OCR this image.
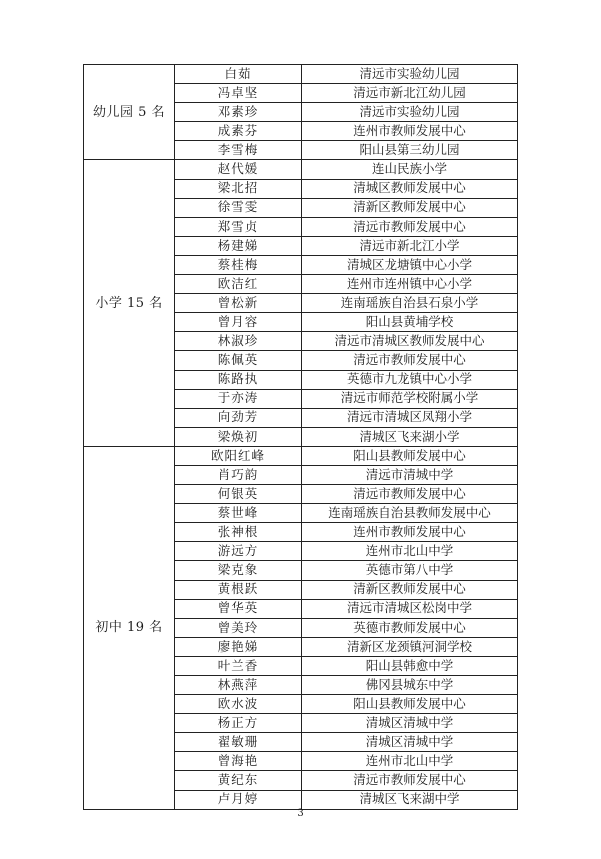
幼儿园 5 名	白茹	清远市实验幼儿园
	冯卓坚	清远市新北江幼儿园
	邓素珍	清远市实验幼儿园
	成素芬	连州市教师发展中心
	李雪梅	阳山县第三幼儿园
小学 15 名	赵代媛	连山民族小学
	梁北招	清城区教师发展中心
	徐雪雯	清新区教师发展中心
	郑雪贞	清远市教师发展中心
	杨建娣	清远市新北江小学
	蔡桂梅	清城区龙塘镇中心小学
	欧洁红	连州市连州镇中心小学
	曾松新	连南瑶族自治县石泉小学
	曾月容	阳山县黄埔学校
	林淑珍	清远市清城区教师发展中心
	陈佩英	清远市教师发展中心
	陈路执	英德市九龙镇中心小学
	于亦涛	清远市师范学校附属小学
	向劲芳	清远市清城区凤翔小学
	梁焕初	清城区飞来湖小学
初中 19 名	欧阳红峰	阳山县教师发展中心
	肖巧韵	清远市清城中学
	何银英	清远市教师发展中心
	蔡世峰	连南瑶族自治县教师发展中心
	张神根	连州市教师发展中心
	游远方	连州市北山中学
	梁克象	英德市第八中学
	黄根跃	清新区教师发展中心
	曾华英	清远市清城区松岗中学
	曾美玲	英德市教师发展中心
	廖艳娣	清新区龙颈镇河洞学校
	叶兰香	阳山县韩愈中学
	林燕萍	佛冈县城东中学
	欧水波	阳山县教师发展中心
	杨正方	清城区清城中学
	翟敏珊	清城区清城中学
	曾海艳	连州市北山中学
	黄纪东	清远市教师发展中心
	卢月婷	清城区飞来湖中学
3
